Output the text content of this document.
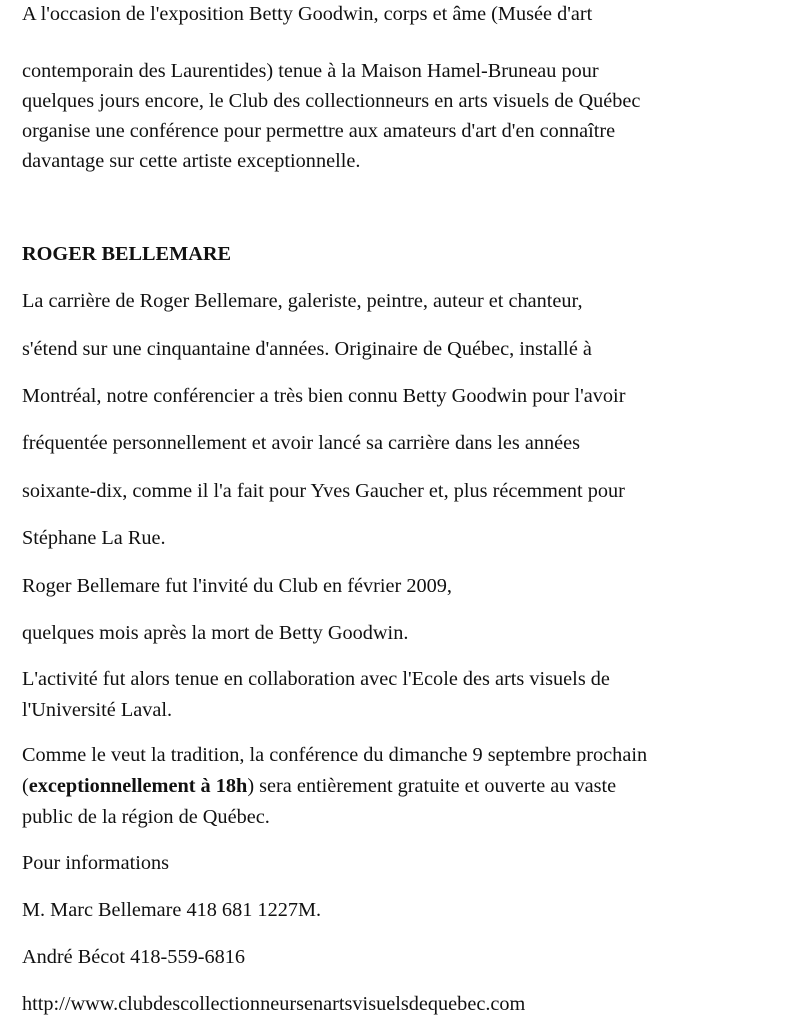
A l'occasion de l'exposition Betty Goodwin, corps et âme (Musée d'art

contemporain des Laurentides) tenue à la Maison Hamel-Bruneau pour

quelques jours encore, le Club des collectionneurs en arts visuels de Québec

organise une conférence pour permettre aux amateurs d'art d'en connaître

davantage sur cette artiste exceptionnelle.

ROGER BELLEMARE

La carrière de Roger Bellemare, galeriste, peintre, auteur et chanteur,

s'étend sur une cinquantaine d'années. Originaire de Québec, installé à

Montréal, notre conférencier a très bien connu Betty Goodwin pour l'avoir

fréquentée personnellement et avoir lancé sa carrière dans les années

soixante-dix, comme il l'a fait pour Yves Gaucher et, plus récemment pour

Stéphane La Rue.

Roger Bellemare fut l'invité du Club en février 2009,

quelques mois après la mort de Betty Goodwin.

L'activité fut alors tenue en collaboration avec l'Ecole des arts visuels de

l'Université Laval.

Comme le veut la tradition, la conférence du dimanche 9 septembre prochain

(exceptionnellement à 18h) sera entièrement gratuite et ouverte au vaste

public de la région de Québec.

Pour informations

M. Marc Bellemare 418 681 1227M.

André Bécot 418-559-6816

http://www.clubdescollectionneursenartsvisuelsdequebec.com
